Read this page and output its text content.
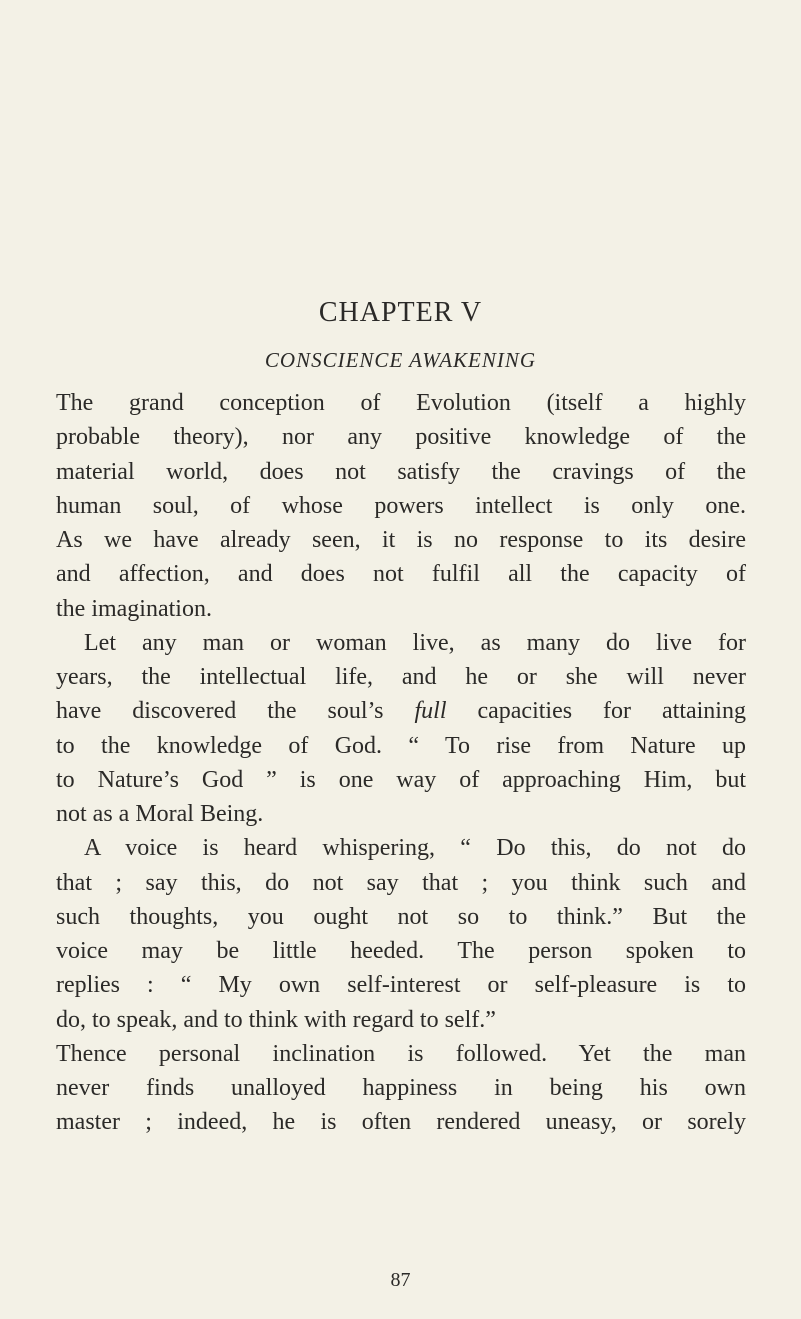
CHAPTER V
CONSCIENCE AWAKENING
The grand conception of Evolution (itself a highly
probable theory), nor any positive knowledge of the
material world, does not satisfy the cravings of the
human soul, of whose powers intellect is only one.
As we have already seen, it is no response to its desire
and affection, and does not fulfil all the capacity of
the imagination.
Let any man or woman live, as many do live for
years, the intellectual life, and he or she will never
have discovered the soul’s full capacities for attaining
to the knowledge of God. “ To rise from Nature up
to Nature’s God ” is one way of approaching Him, but
not as a Moral Being.
A voice is heard whispering, “ Do this, do not do
that ; say this, do not say that ; you think such and
such thoughts, you ought not so to think.” But the
voice may be little heeded. The person spoken to
replies : “ My own self-interest or self-pleasure is to
do, to speak, and to think with regard to self.”
Thence personal inclination is followed. Yet the man
never finds unalloyed happiness in being his own
master ; indeed, he is often rendered uneasy, or sorely
87
